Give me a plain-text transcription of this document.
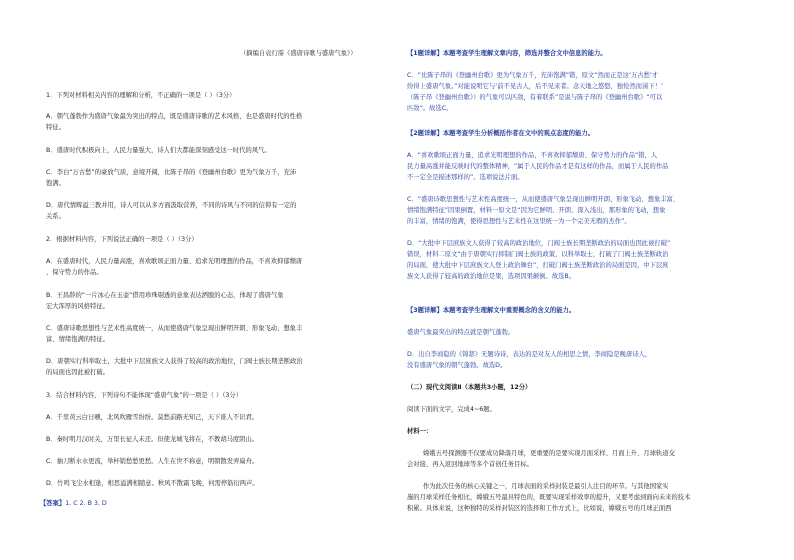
（摘编自袁行霈《盛唐诗歌与盛唐气象》）
1．下列对材料相关内容的理解和分析，不正确的一项是（ ）（3分）
A．朝气蓬勃作为盛唐气象最为突出的特点，既是盛唐诗歌的艺术风格，也是盛唐时代的性格
特征。
B．盛唐时代积极向上，人民力量强大，诗人们大都能深刻感受这一时代的风气。
C．李白“万古愁”的豪放气质，意境开阔，比陈子昂的《登幽州台歌》更为气象万千，充沛
饱满。
D．唐代情辉溢三教并用，诗人可以从多方面汲取营养，不同的诗风与不同的信仰有一定的
关系。
2．根据材料内容，下列说法正确的一项是（ ）（3分）
A．在盛唐时代，人民力量高涨，喜欢歌颂正面力量、追求光明理想的作品，不喜欢抑郁颓唐
、保守势力的作品。
B．王昌龄的“一片冰心在玉壶”借用珍珠剔透的意象表达洒脱的心态，体现了盛唐气象
宏大浑厚的风格特征。
C．盛唐诗歌思想性与艺术性高度统一，从而使盛唐气象呈现出鲜明开朗、形象飞动、想象丰
富、情绪饱满的特征。
D．唐朝实行科举取士，大批中下层庶族文人获得了较高的政治地位，门阀士族长期垄断政治
的局面也因此被打破。
3．结合材料内容，下列诗句不能体现“盛唐气象”的一项是（ ）（3分）
A．千里黄云白日曛，北风吹雁雪纷纷。莫愁前路无知己，天下谁人不识君。
B．秦时明月汉时关，万里长征人未还。但使龙城飞将在，不教胡马度阴山。
C．抽刀断水水更流，举杯销愁愁更愁。人生在世不称意，明朝散发弄扁舟。
D．竹鸣飞尘水相逢，相思溢满相随意。秋风不散霜飞晚，何需停筋衍两声。
【答案】1. C 2. B 3. D
【1题详解】本题考查学生理解文章内容，筛选并整合文中信息的能力。
C．“比陈子昂的《登幽州台歌》更为气象万千，充沛饱满”错，原文“然而正是这‘万古愁’才
纷得上盛唐气象。”对能说明它与‘前不见古人，后不见来者。念天地之悠悠，独怆然而涕下！’
（陈子昂《登幽州台歌》）的气象可以匹敌，有着联系”是说与陈子昂的《登幽州台歌》“可以
匹敌”。故选C。
【2题详解】本题考查学生分析概括作者在文中的观点态度的能力。
A．“喜欢歌颂正面力量、追求光明理想的作品，不喜欢抑郁颓唐、保守势力的作品”错，人
民力量高涨并能反映时代的整体精神，“属于人民的作品才是有这样的作品，而属于人民的作品
不一定全是描述那样的”。选项说法片面。
C．“盛唐诗歌思想性与艺术性高度统一，从而使盛唐气象呈现出鲜明开朗、形象飞动、想象丰富、
情绪饱满特征”因果倒置，材料一原文是“因为它鲜明、开朗、深入浅出，那形象的飞动，想象
的丰富，情绪的饱满，使得思想性与艺术性在这里统一为一个完美无瑕的杰作”。
D．“大批中下层庶族文人获得了较高的政治地位，门阀士族长期垄断政治的局面也因此被打破”
错误，材料二原文“由于唐朝实行抑制门阀士族的政策，以科举取士，打破了门阀士族垄断政治
的局面，使大批中下层庶族文人登上政治舞台”，打破门阀士族垄断政治的局面是因，中下层庶
族文人获得了较高的政治地位是果，选项因果颠倒。故选B。
【3题详解】本题考查学生理解文中重要概念的含义的能力。
盛唐气象最突出的特点就是朝气蓬勃。
D．出自李商隐的《锦瑟》无题诗诗，表达的是对友人的相思之情，李商隐是晚唐诗人，
没有盛唐气象的朝气蓬勃。故选D。
（二）现代文阅读Ⅱ（本题共3小题，12分）
阅读下面的文字，完成4~6题。
材料一：
嫦娥五号探测器不仅要成功降落月球，更重要的是要实现月面采样、月面上升、月球轨道交
会对接、再入返回地球等多个首创任务目标。
作为此次任务的核心关键之一，月球表面的采样封装是最引人注目的环节。与其他国家实
施的月球采样任务相比，嫦娥五号最具特色的，既要实现采样效率的提升，又要考虑到面向未来的技术
积累。具体来说，这种独特的采样封装区的选择和工作方式上，比如说，嫦娥五号的月球正面西
